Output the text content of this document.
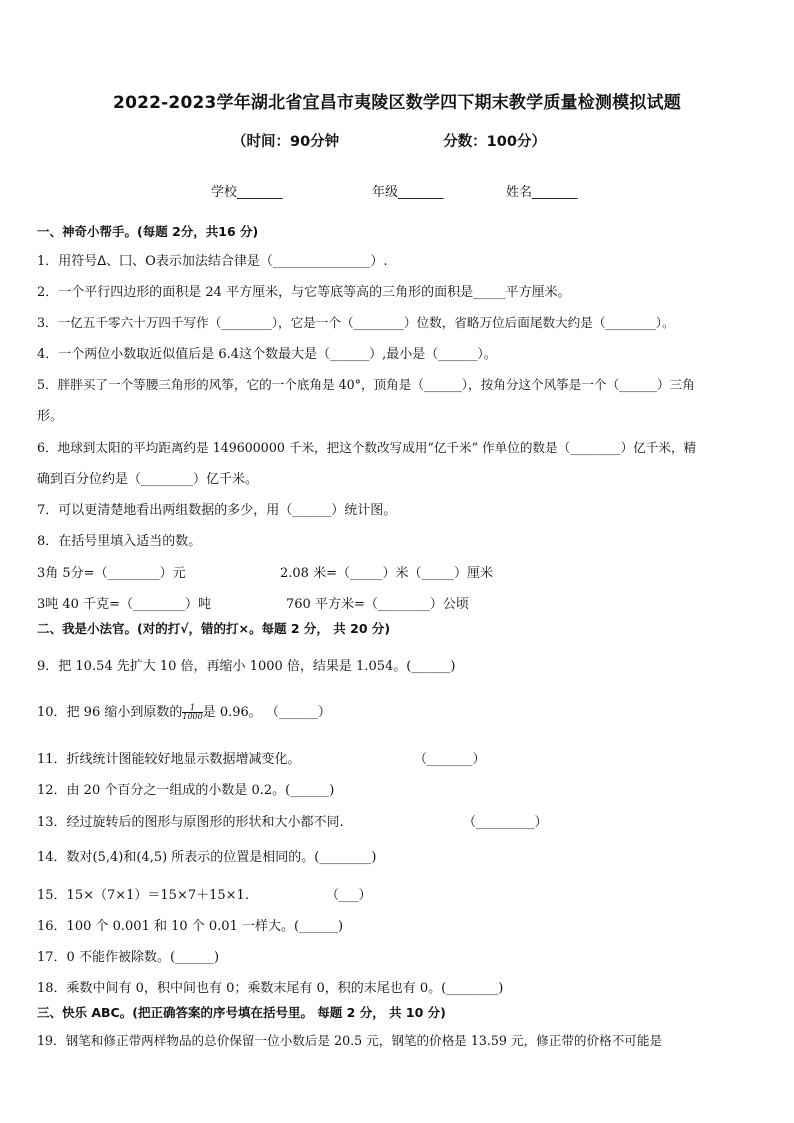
2022-2023学年湖北省宜昌市夷陵区数学四下期末教学质量检测模拟试题
（时间：90分钟	分数：100分）
学校_______	年级_______	姓名_______
一、神奇小帮手。(每题 2分，共16 分)
1．用符号ᐃ、囗、O表示加法结合律是（_______________）.
2．一个平行四边形的面积是 24 平方厘米，与它等底等高的三角形的面积是_____平方厘米。
3．一亿五千零六十万四千写作（________），它是一个（________）位数，省略万位后面尾数大约是（________）。
4．一个两位小数取近似值后是 6.4这个数最大是（______）,最小是（______）。
5．胖胖买了一个等腰三角形的风筝，它的一个底角是 40°，顶角是（______），按角分这个风筝是一个（______）三角
形。
6．地球到太阳的平均距离约是 149600000 千米，把这个数改写成用“亿千米” 作单位的数是（________）亿千米，精
确到百分位约是（________）亿千米。
7．可以更清楚地看出两组数据的多少，用（______）统计图。
8．在括号里填入适当的数。
3角 5分=（________）元	2.08 米=（_____）米（_____）厘米
3吨 40 千克=（________）吨	760 平方米=（________）公顷
二、我是小法官。(对的打√，错的打×。每题 2 分， 共 20 分)
9．把 10.54 先扩大 10 倍，再缩小 1000 倍，结果是 1.054。(______)
10．把 96 缩小到原数的 $\frac{1}{1000}$ 是 0.96。 （______）
11．折线统计图能较好地显示数据增减变化。	（_______）
12．由 20 个百分之一组成的小数是 0.2。(______)
13．经过旋转后的图形与原图形的形状和大小都不同.	（_________）
14．数对(5,4)和(4,5) 所表示的位置是相同的。(________)
15．15×（7×1）＝15×7＋15×1.	（___）
16．100 个 0.001 和 10 个 0.01 一样大。(______)
17．0 不能作被除数。(______)
18．乘数中间有 0，积中间也有 0；乘数末尾有 0，积的末尾也有 0。(________)
三、快乐 ABC。(把正确答案的序号填在括号里。 每题 2 分， 共 10 分)
19．钢笔和修正带两样物品的总价保留一位小数后是 20.5 元，钢笔的价格是 13.59 元，修正带的价格不可能是
